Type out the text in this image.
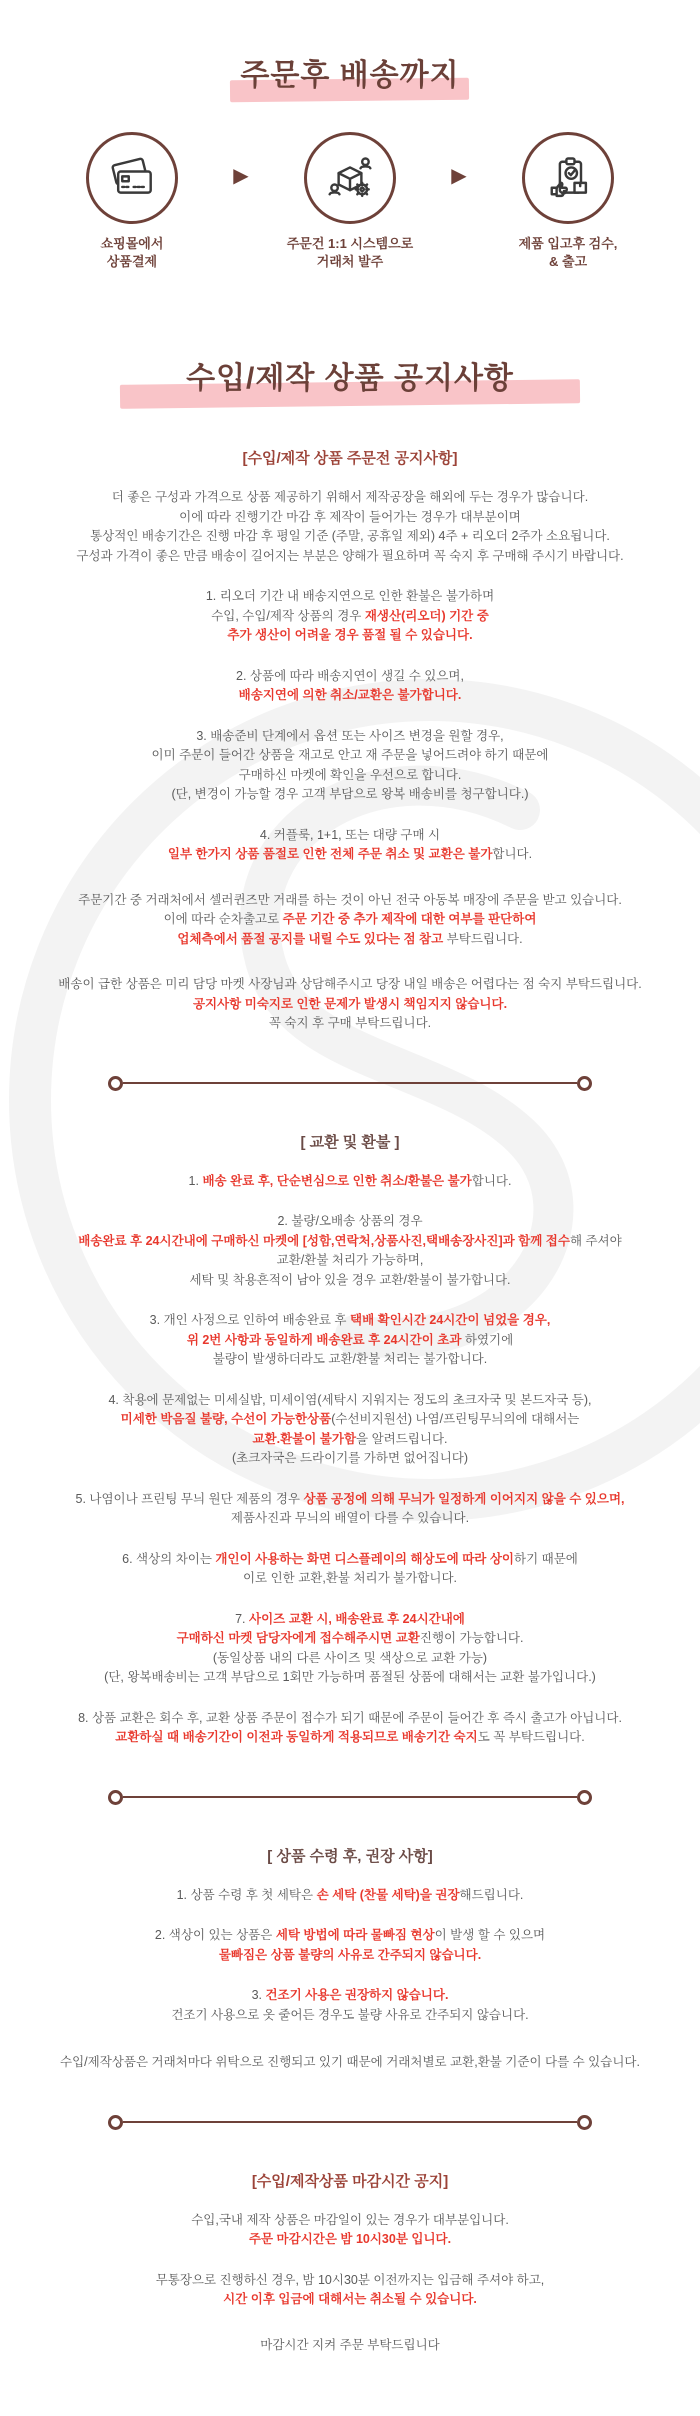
주문후 배송까지
쇼핑몰에서
상품결제
▶
주문건 1:1 시스템으로
거래처 발주
▶
제품 입고후 검수,
& 출고
수입/제작 상품 공지사항
[수입/제작 상품 주문전 공지사항]

더 좋은 구성과 가격으로 상품 제공하기 위해서 제작공장을 해외에 두는 경우가 많습니다.
이에 따라 진행기간 마감 후 제작이 들어가는 경우가 대부분이며
통상적인 배송기간은 진행 마감 후 평일 기준 (주말, 공휴일 제외) 4주 + 리오더 2주가 소요됩니다.
구성과 가격이 좋은 만큼 배송이 길어지는 부분은 양해가 필요하며 꼭 숙지 후 구매해 주시기 바랍니다.

1. 리오더 기간 내 배송지연으로 인한 환불은 불가하며
수입, 수입/제작 상품의 경우 재생산(리오더) 기간 중
추가 생산이 어려울 경우 품절 될 수 있습니다.

2. 상품에 따라 배송지연이 생길 수 있으며,
배송지연에 의한 취소/교환은 불가합니다.

3. 배송준비 단계에서 옵션 또는 사이즈 변경을 원할 경우,
이미 주문이 들어간 상품을 재고로 안고 재 주문을 넣어드려야 하기 때문에
구매하신 마켓에 확인을 우선으로 합니다.
(단, 변경이 가능할 경우 고객 부담으로 왕복 배송비를 청구합니다.)

4. 커플룩, 1+1, 또는 대량 구매 시
일부 한가지 상품 품절로 인한 전체 주문 취소 및 교환은 불가합니다.

주문기간 중 거래처에서 셀러퀸즈만 거래를 하는 것이 아닌 전국 아동복 매장에 주문을 받고 있습니다.
이에 따라 순차출고로 주문 기간 중 추가 제작에 대한 여부를 판단하여
업체측에서 품절 공지를 내릴 수도 있다는 점 참고 부탁드립니다.

배송이 급한 상품은 미리 담당 마켓 사장님과 상담해주시고 당장 내일 배송은 어렵다는 점 숙지 부탁드립니다.
공지사항 미숙지로 인한 문제가 발생시 책임지지 않습니다.
꼭 숙지 후 구매 부탁드립니다.

[ 교환 및 환불 ]

1. 배송 완료 후, 단순변심으로 인한 취소/환불은 불가합니다.

2. 불량/오배송 상품의 경우
배송완료 후 24시간내에 구매하신 마켓에 [성함,연락처,상품사진,택배송장사진]과 함께 접수해 주셔야
교환/환불 처리가 가능하며,
세탁 및 착용흔적이 남아 있을 경우 교환/환불이 불가합니다.

3. 개인 사정으로 인하여 배송완료 후 택배 확인시간 24시간이 넘었을 경우,
위 2번 사항과 동일하게 배송완료 후 24시간이 초과 하였기에
불량이 발생하더라도 교환/환불 처리는 불가합니다.

4. 착용에 문제없는 미세실밥, 미세이염(세탁시 지워지는 정도의 초크자국 및 본드자국 등),
미세한 박음질 불량, 수선이 가능한상품(수선비지원선) 나염/프린팅무늬의에 대해서는
교환.환불이 불가함을 알려드립니다.
(초크자국은 드라이기를 가하면 없어집니다)

5. 나염이나 프린팅 무늬 원단 제품의 경우 상품 공정에 의해 무늬가 일정하게 이어지지 않을 수 있으며,
제품사진과 무늬의 배열이 다를 수 있습니다.

6. 색상의 차이는 개인이 사용하는 화면 디스플레이의 해상도에 따라 상이하기 때문에
이로 인한 교환,환불 처리가 불가합니다.

7. 사이즈 교환 시, 배송완료 후 24시간내에
구매하신 마켓 담당자에게 접수해주시면 교환진행이 가능합니다.
(동일상품 내의 다른 사이즈 및 색상으로 교환 가능)
(단, 왕복배송비는 고객 부담으로 1회만 가능하며 품절된 상품에 대해서는 교환 불가입니다.)

8. 상품 교환은 회수 후, 교환 상품 주문이 접수가 되기 때문에 주문이 들어간 후 즉시 출고가 아닙니다.
교환하실 때 배송기간이 이전과 동일하게 적용되므로 배송기간 숙지도 꼭 부탁드립니다.

[ 상품 수령 후, 권장 사항]

1. 상품 수령 후 첫 세탁은 손 세탁 (찬물 세탁)을 권장해드립니다.

2. 색상이 있는 상품은 세탁 방법에 따라 물빠짐 현상이 발생 할 수 있으며
물빠짐은 상품 불량의 사유로 간주되지 않습니다.

3. 건조기 사용은 권장하지 않습니다.
건조기 사용으로 옷 줄어든 경우도 불량 사유로 간주되지 않습니다.

수입/제작상품은 거래처마다 위탁으로 진행되고 있기 때문에 거래처별로 교환,환불 기준이 다를 수 있습니다.

[수입/제작상품 마감시간 공지]

수입,국내 제작 상품은 마감일이 있는 경우가 대부분입니다.
주문 마감시간은 밤 10시30분 입니다.

무통장으로 진행하신 경우, 밤 10시30분 이전까지는 입금해 주셔야 하고,
시간 이후 입금에 대해서는 취소될 수 있습니다.

마감시간 지켜 주문 부탁드립니다
